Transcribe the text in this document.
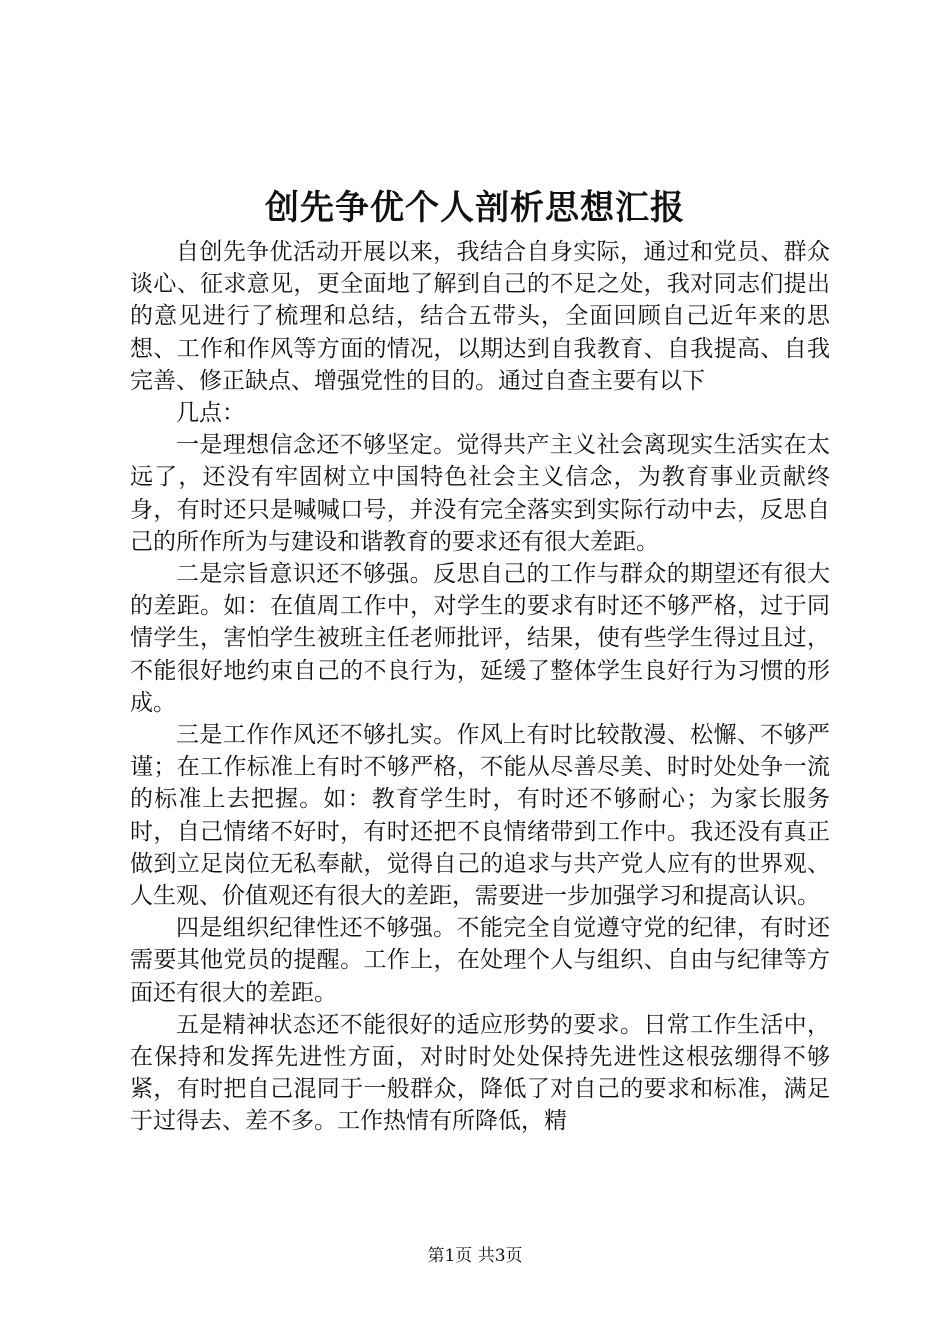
创先争优个人剖析思想汇报

自创先争优活动开展以来，我结合自身实际，通过和党员、群众谈心、征求意见，更全面地了解到自己的不足之处，我对同志们提出的意见进行了梳理和总结，结合五带头，全面回顾自己近年来的思想、工作和作风等方面的情况，以期达到自我教育、自我提高、自我完善、修正缺点、增强党性的目的。通过自查主要有以下

几点：

一是理想信念还不够坚定。觉得共产主义社会离现实生活实在太远了，还没有牢固树立中国特色社会主义信念，为教育事业贡献终身，有时还只是喊喊口号，并没有完全落实到实际行动中去，反思自己的所作所为与建设和谐教育的要求还有很大差距。

二是宗旨意识还不够强。反思自己的工作与群众的期望还有很大的差距。如：在值周工作中，对学生的要求有时还不够严格，过于同情学生，害怕学生被班主任老师批评，结果，使有些学生得过且过，不能很好地约束自己的不良行为，延缓了整体学生良好行为习惯的形成。

三是工作作风还不够扎实。作风上有时比较散漫、松懈、不够严谨；在工作标准上有时不够严格，不能从尽善尽美、时时处处争一流的标准上去把握。如：教育学生时，有时还不够耐心；为家长服务时，自己情绪不好时，有时还把不良情绪带到工作中。我还没有真正做到立足岗位无私奉献，觉得自己的追求与共产党人应有的世界观、人生观、价值观还有很大的差距，需要进一步加强学习和提高认识。

四是组织纪律性还不够强。不能完全自觉遵守党的纪律，有时还需要其他党员的提醒。工作上，在处理个人与组织、自由与纪律等方面还有很大的差距。

五是精神状态还不能很好的适应形势的要求。日常工作生活中，在保持和发挥先进性方面，对时时处处保持先进性这根弦绷得不够紧，有时把自己混同于一般群众，降低了对自己的要求和标准，满足于过得去、差不多。工作热情有所降低，精

第1页 共3页
